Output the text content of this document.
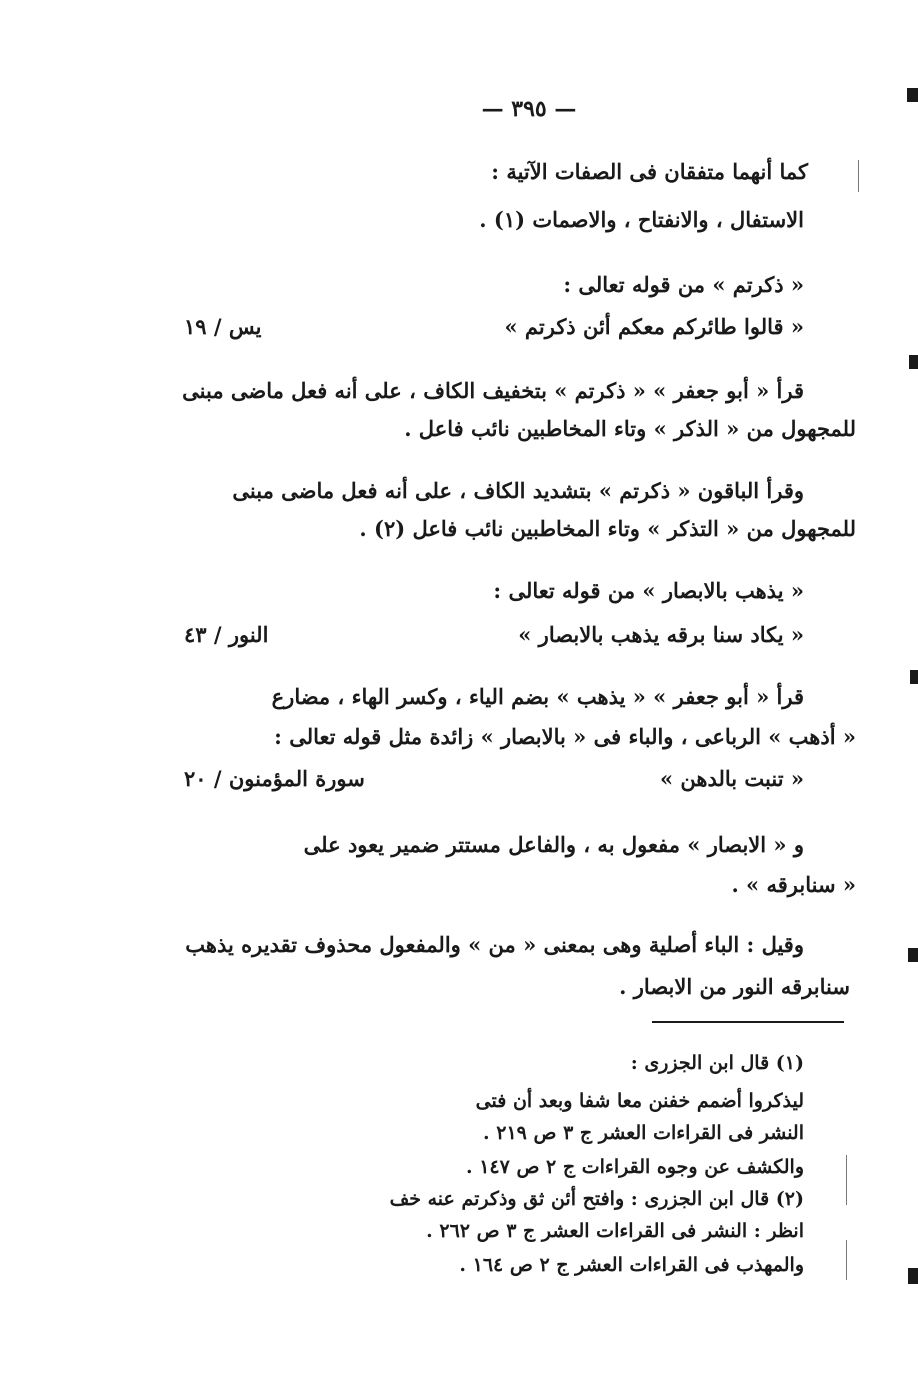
— ٣٩٥ —
كما أنهما متفقان فى الصفات الآتية :
الاستفال ، والانفتاح ، والاصمات (١) .
« ذكرتم » من قوله تعالى :
« قالوا طائركم معكم أئن ذكرتم »
يس / ١٩
قرأ « أبو جعفر » « ذكرتم » بتخفيف الكاف ، على أنه فعل ماضى مبنى
للمجهول من « الذكر » وتاء المخاطبين نائب فاعل .
وقرأ الباقون « ذكرتم » بتشديد الكاف ، على أنه فعل ماضى مبنى
للمجهول من « التذكر » وتاء المخاطبين نائب فاعل (٢) .
« يذهب بالابصار » من قوله تعالى :
« يكاد سنا برقه يذهب بالابصار »
النور / ٤٣
قرأ « أبو جعفر » « يذهب » بضم الياء ، وكسر الهاء ، مضارع
« أذهب » الرباعى ، والباء فى « بالابصار » زائدة مثل قوله تعالى :
« تنبت بالدهن »
سورة المؤمنون / ٢٠
و « الابصار » مفعول به ، والفاعل مستتر ضمير يعود على
« سنابرقه » .
وقيل : الباء أصلية وهى بمعنى « من » والمفعول محذوف تقديره يذهب
سنابرقه النور من الابصار .
(١) قال ابن الجزرى :
ليذكروا أضمم خفنن معا شفا وبعد أن فتى
النشر فى القراءات العشر ج ٣ ص ٢١٩ .
والكشف عن وجوه القراءات ج ٢ ص ١٤٧ .
(٢) قال ابن الجزرى : وافتح أئن ثق وذكرتم عنه خف
انظر : النشر فى القراءات العشر ج ٣ ص ٢٦٢ .
والمهذب فى القراءات العشر ج ٢ ص ١٦٤ .
